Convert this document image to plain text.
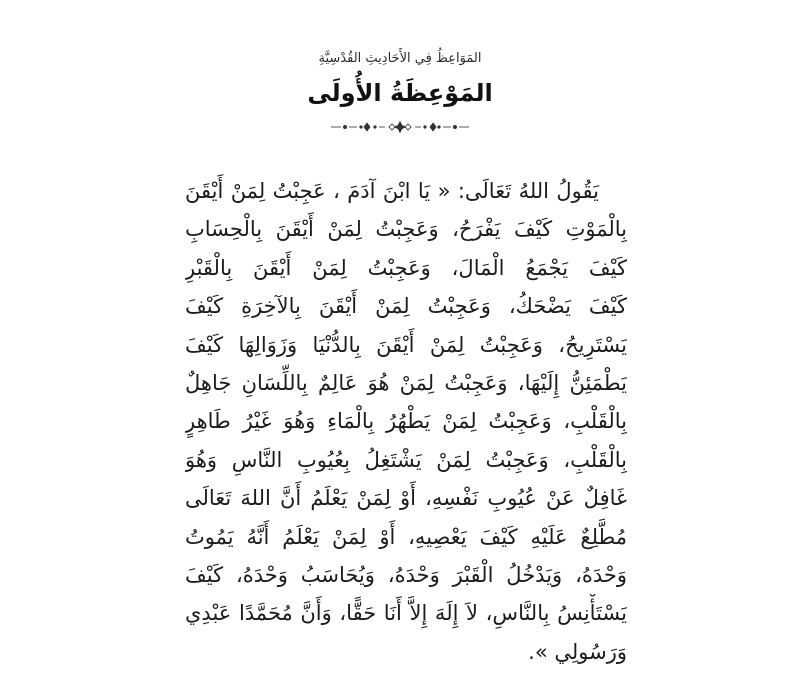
المَوَاعِظُ فِي الأَحَادِيثِ القُدْسِيَّةِ
المَوْعِظَةُ الأُولَى
يَقُولُ اللهُ تَعَالَى: « يَا ابْنَ آدَمَ ، عَجِبْتُ لِمَنْ أَيْقَنَ
بِالْمَوْتِ كَيْفَ يَفْرَحُ، وَعَجِبْتُ لِمَنْ أَيْقَنَ بِالْحِسَابِ
كَيْفَ يَجْمَعُ الْمَالَ، وَعَجِبْتُ لِمَنْ أَيْقَنَ بِالْقَبْرِ
كَيْفَ يَضْحَكُ، وَعَجِبْتُ لِمَنْ أَيْقَنَ بِالآخِرَةِ كَيْفَ
يَسْتَرِيحُ، وَعَجِبْتُ لِمَنْ أَيْقَنَ بِالدُّنْيَا وَزَوَالِهَا كَيْفَ
يَطْمَئِنُّ إِلَيْهَا، وَعَجِبْتُ لِمَنْ هُوَ عَالِمٌ بِاللِّسَانِ جَاهِلٌ
بِالْقَلْبِ، وَعَجِبْتُ لِمَنْ يَطْهُرُ بِالْمَاءِ وَهُوَ غَيْرُ طَاهِرٍ
بِالْقَلْبِ، وَعَجِبْتُ لِمَنْ يَشْتَغِلُ بِعُيُوبِ النَّاسِ وَهُوَ
غَافِلٌ عَنْ عُيُوبِ نَفْسِهِ، أَوْ لِمَنْ يَعْلَمُ أَنَّ اللهَ تَعَالَى
مُطَّلِعٌ عَلَيْهِ كَيْفَ يَعْصِيهِ، أَوْ لِمَنْ يَعْلَمُ أَنَّهُ يَمُوتُ
وَحْدَهُ، وَيَدْخُلُ الْقَبْرَ وَحْدَهُ، وَيُحَاسَبُ وَحْدَهُ، كَيْفَ
يَسْتَأْنِسُ بِالنَّاسِ، لاَ إِلَهَ إِلاَّ أَنَا حَقًّا، وَأَنَّ مُحَمَّدًا عَبْدِي
وَرَسُولِي ».
